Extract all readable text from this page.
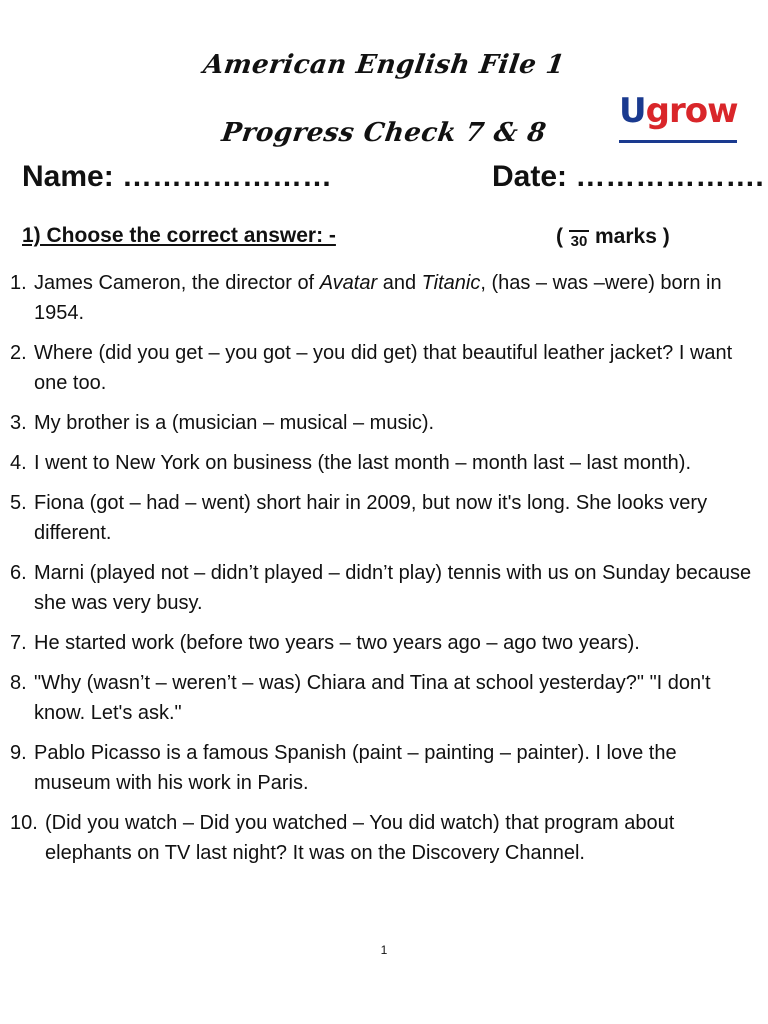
American English File 1
Progress Check 7 & 8
Ugrow
Name: …………………	Date: ……………….
1) Choose the correct answer: -	( 30 marks )
1. James Cameron, the director of Avatar and Titanic, (has – was –were) born in 1954.
2. Where (did you get – you got – you did get) that beautiful leather jacket? I want one too.
3. My brother is a (musician – musical – music).
4. I went to New York on business (the last month – month last – last month).
5. Fiona (got – had – went) short hair in 2009, but now it's long. She looks very different.
6. Marni (played not – didn’t played – didn’t play) tennis with us on Sunday because she was very busy.
7. He started work (before two years – two years ago – ago two years).
8. "Why (wasn’t – weren’t – was) Chiara and Tina at school yesterday?" "I don't know. Let's ask."
9. Pablo Picasso is a famous Spanish (paint – painting – painter). I love the museum with his work in Paris.
10. (Did you watch – Did you watched – You did watch) that program about elephants on TV last night? It was on the Discovery Channel.
1
